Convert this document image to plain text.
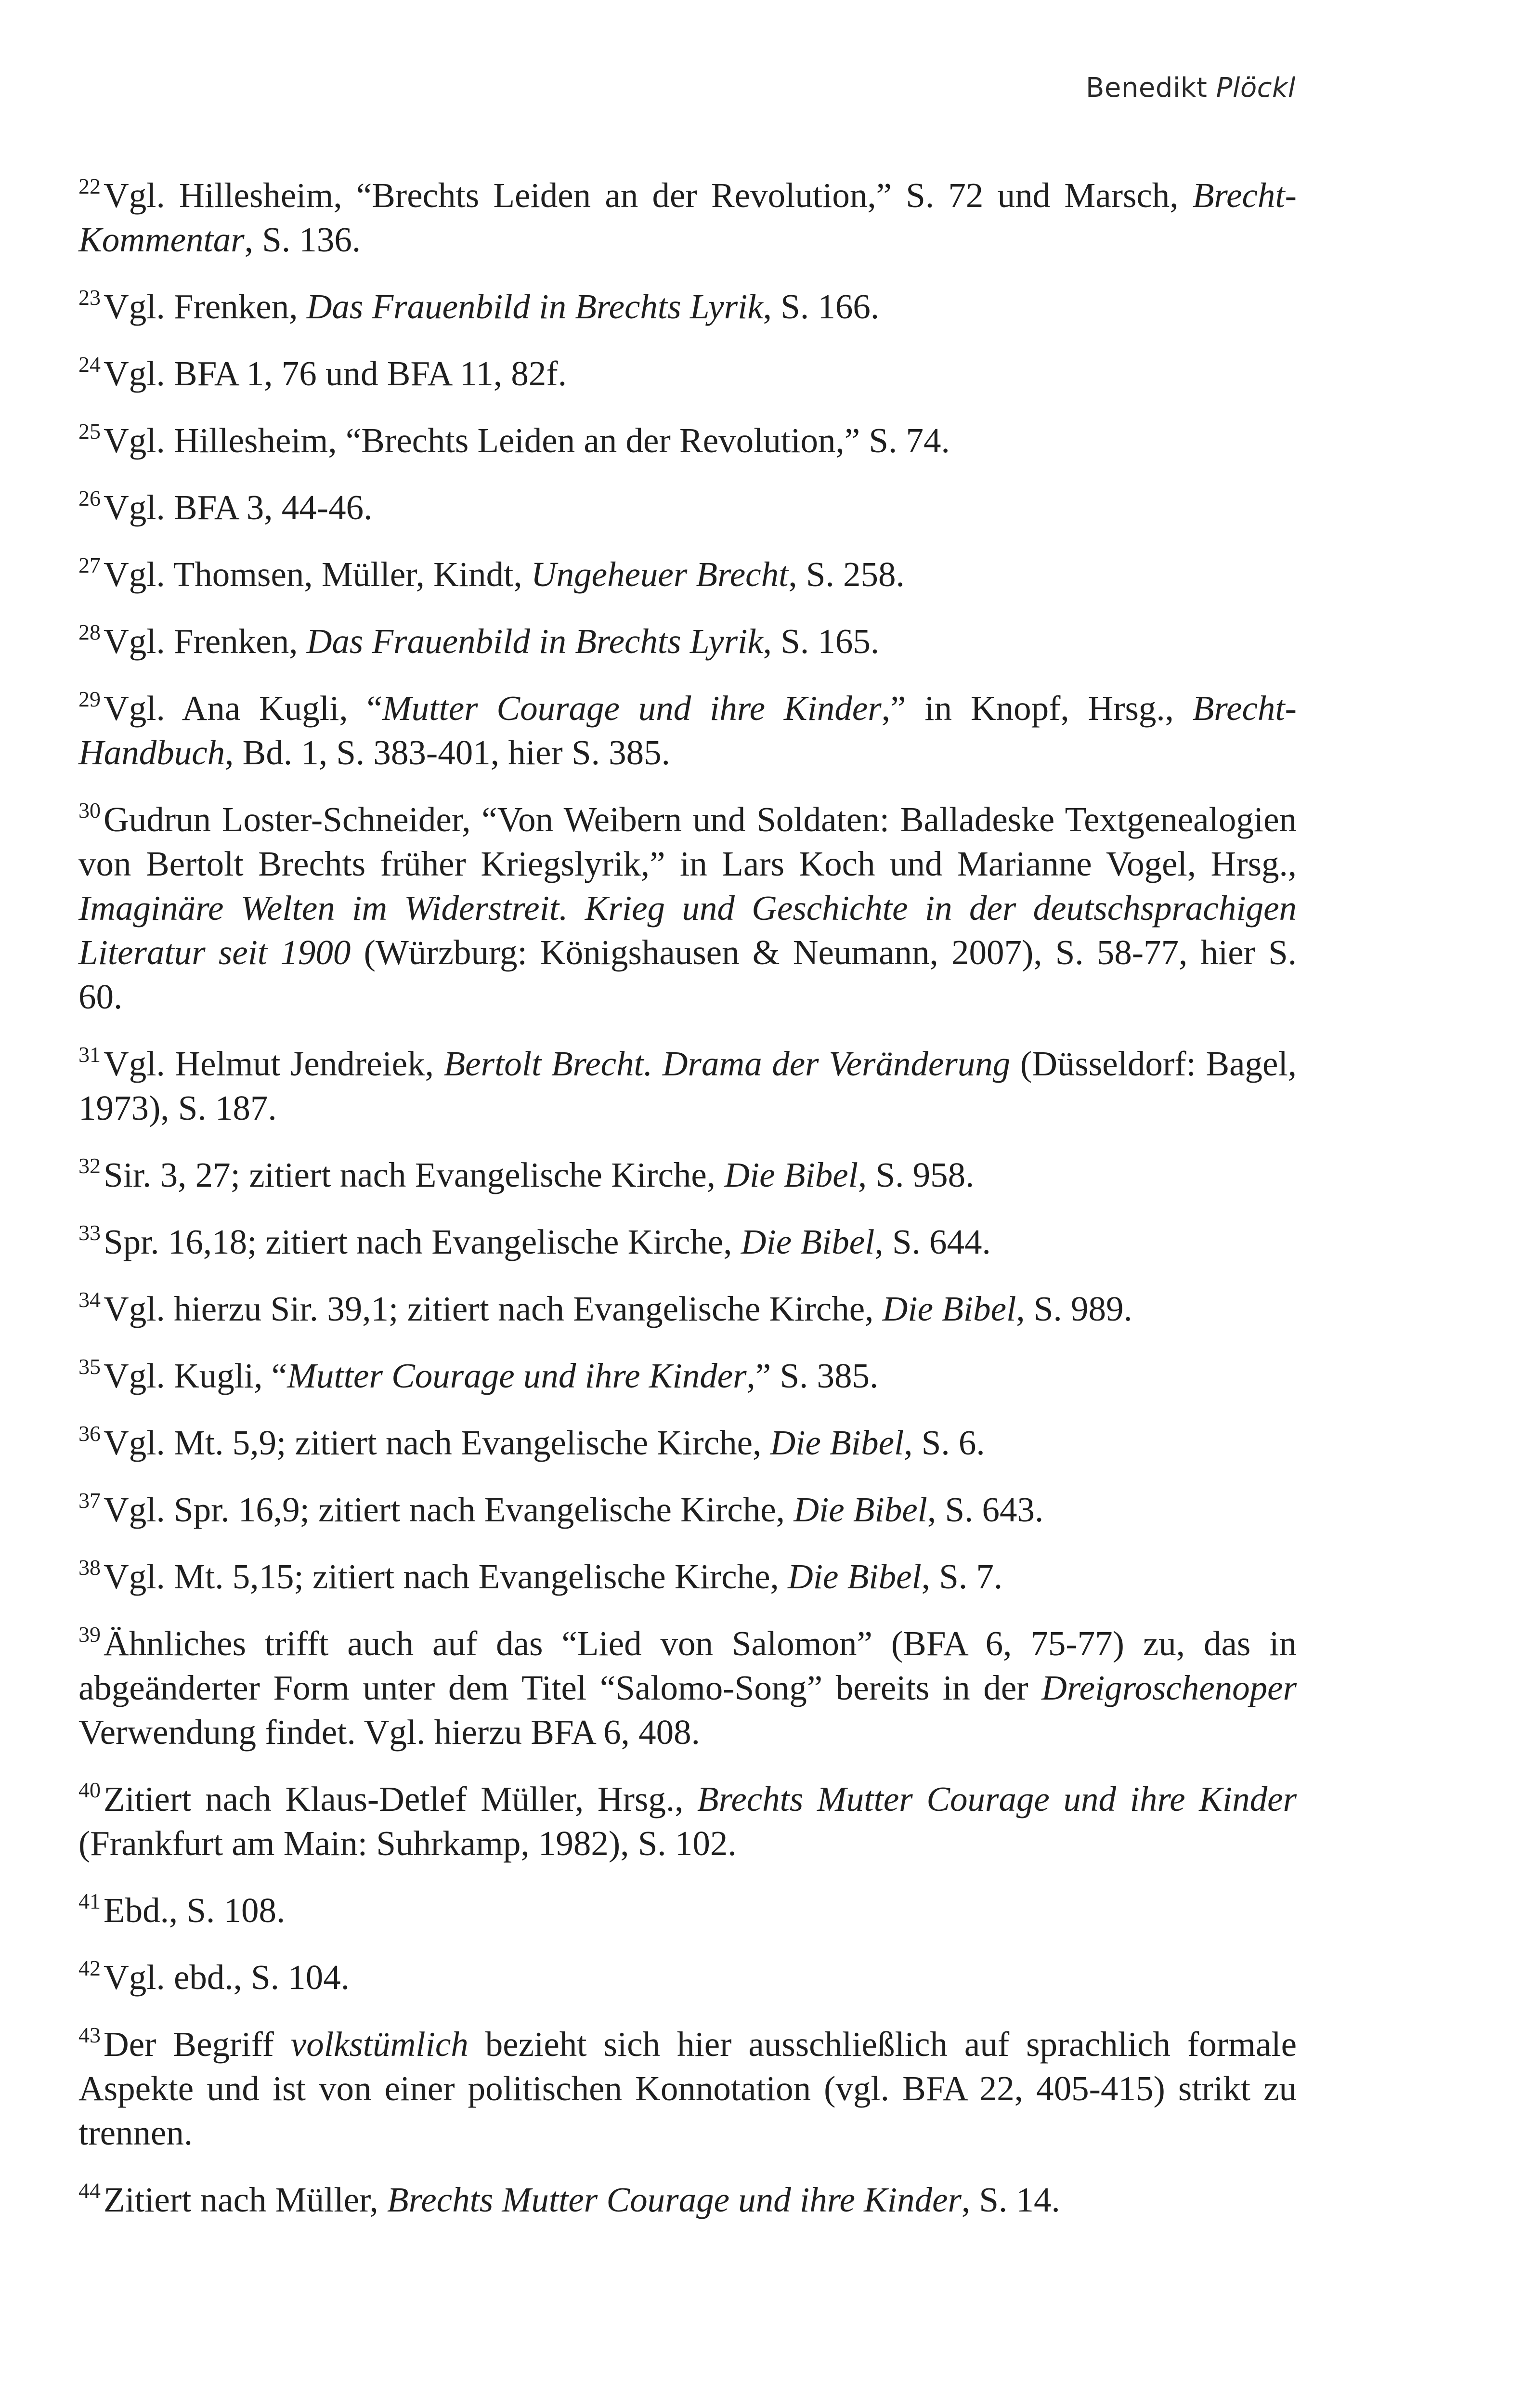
Benedikt Plöckl

$^{22}$Vgl. Hillesheim, “Brechts Leiden an der Revolution,” S. 72 und Marsch, Brecht-Kommentar, S. 136.

$^{23}$Vgl. Frenken, Das Frauenbild in Brechts Lyrik, S. 166.

$^{24}$Vgl. BFA 1, 76 und BFA 11, 82f.

$^{25}$Vgl. Hillesheim, “Brechts Leiden an der Revolution,” S. 74.

$^{26}$Vgl. BFA 3, 44-46.

$^{27}$Vgl. Thomsen, Müller, Kindt, Ungeheuer Brecht, S. 258.

$^{28}$Vgl. Frenken, Das Frauenbild in Brechts Lyrik, S. 165.

$^{29}$Vgl. Ana Kugli, “Mutter Courage und ihre Kinder,” in Knopf, Hrsg., Brecht-Handbuch, Bd. 1, S. 383-401, hier S. 385.

$^{30}$Gudrun Loster-Schneider, “Von Weibern und Soldaten: Balladeske Textgenealogien von Bertolt Brechts früher Kriegslyrik,” in Lars Koch und Marianne Vogel, Hrsg., Imaginäre Welten im Widerstreit. Krieg und Geschichte in der deutschsprachigen Literatur seit 1900 (Würzburg: Königshausen & Neumann, 2007), S. 58-77, hier S. 60.

$^{31}$Vgl. Helmut Jendreiek, Bertolt Brecht. Drama der Veränderung (Düsseldorf: Bagel, 1973), S. 187.

$^{32}$Sir. 3, 27; zitiert nach Evangelische Kirche, Die Bibel, S. 958.

$^{33}$Spr. 16,18; zitiert nach Evangelische Kirche, Die Bibel, S. 644.

$^{34}$Vgl. hierzu Sir. 39,1; zitiert nach Evangelische Kirche, Die Bibel, S. 989.

$^{35}$Vgl. Kugli, “Mutter Courage und ihre Kinder,” S. 385.

$^{36}$Vgl. Mt. 5,9; zitiert nach Evangelische Kirche, Die Bibel, S. 6.

$^{37}$Vgl. Spr. 16,9; zitiert nach Evangelische Kirche, Die Bibel, S. 643.

$^{38}$Vgl. Mt. 5,15; zitiert nach Evangelische Kirche, Die Bibel, S. 7.

$^{39}$Ähnliches trifft auch auf das “Lied von Salomon” (BFA 6, 75-77) zu, das in abgeänderter Form unter dem Titel “Salomo-Song” bereits in der Dreigroschenoper Verwendung findet. Vgl. hierzu BFA 6, 408.

$^{40}$Zitiert nach Klaus-Detlef Müller, Hrsg., Brechts Mutter Courage und ihre Kinder (Frankfurt am Main: Suhrkamp, 1982), S. 102.

$^{41}$Ebd., S. 108.

$^{42}$Vgl. ebd., S. 104.

$^{43}$Der Begriff volkstümlich bezieht sich hier ausschließlich auf sprachlich formale Aspekte und ist von einer politischen Konnotation (vgl. BFA 22, 405-415) strikt zu trennen.

$^{44}$Zitiert nach Müller, Brechts Mutter Courage und ihre Kinder, S. 14.
